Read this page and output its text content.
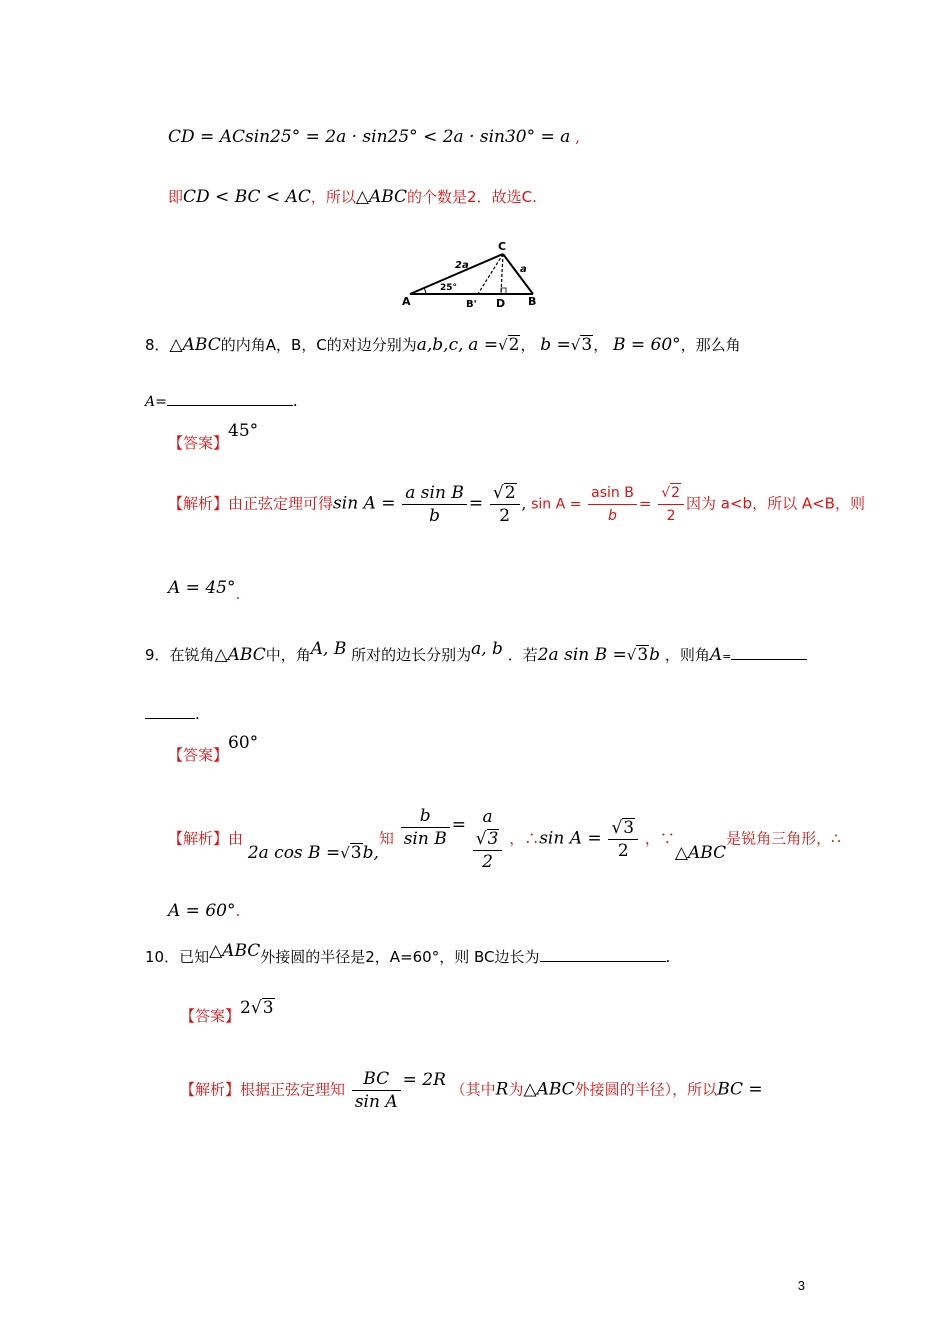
CD = ACsin25° = 2a · sin25° < 2a · sin30° = a ,
即CD < BC < AC，所以△ABC的个数是2．故选C.
C
A	B' D B
2a	a
25°
8．△ABC的内角A，B，C的对边分别为a,b,c, a =√2， b =√3， B = 60°，那么角
A=	.
【答案】45°
【解析】由正弦定理可得$\sin A = \frac{\text{a sin B}}{b} = \frac{√2}{2}$ , $\sin A = \frac{\text{asin B}}{b} = \frac{√2}{2}$ 因为 a<b，所以 A<B，则
A = 45°.
9．在锐角△ABC中，角A, B 所对的边长分别为a, b ．若2a sin B =√3b ，则角A=
.
【答案】60°
【解析】由 2a cos B =√3b,知 $\frac{b}{\text{sin B}} = a$
√3
2
，∴sin $A = \frac{√3}{2}$ ，∵△ABC是锐角三角形，∴
A = 60°.
10．已知△ABC外接圆的半径是2，A=60°，则 BC边长为	.
【答案】2√3
【解析】根据正弦定理知 $\frac{BC}{\text{sin A}} = 2R$ （其中R为△ABC外接圆的半径），所以BC =
3
